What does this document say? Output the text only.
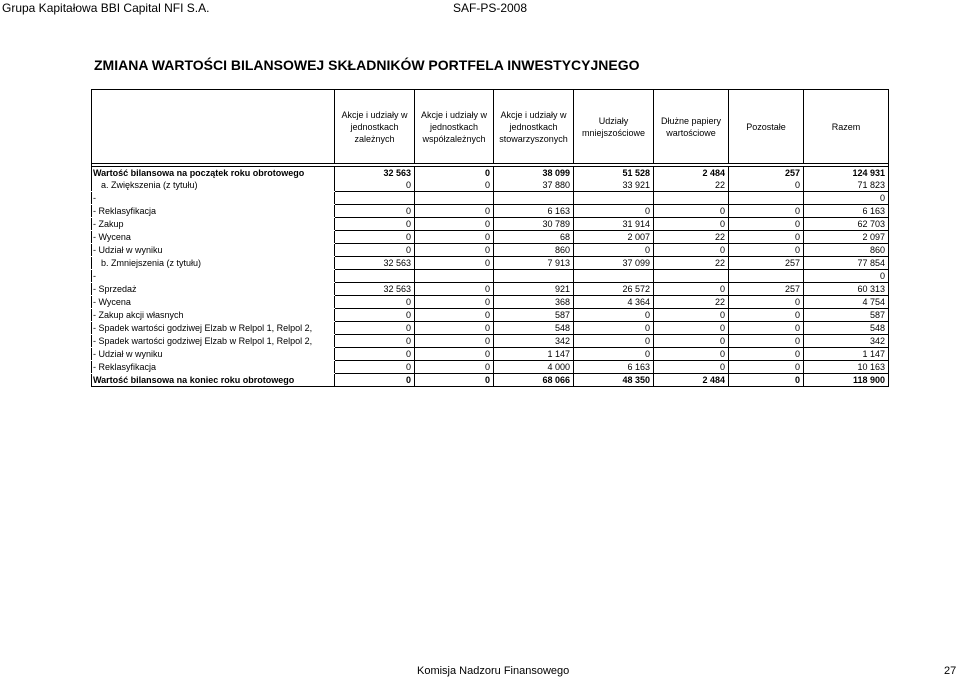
Grupa Kapitałowa BBI Capital NFI S.A.	SAF-PS-2008
ZMIANA WARTOŚCI BILANSOWEJ SKŁADNIKÓW PORTFELA INWESTYCYJNEGO
	Akcje i udziały w jednostkach zależnych	Akcje i udziały w jednostkach współzależnych	Akcje i udziały w jednostkach stowarzyszonych	Udziały mniejszościowe	Dłużne papiery wartościowe	Pozostałe	Razem

Wartość bilansowa na początek roku obrotowego	32 563	0	38 099	51 528	2 484	257	124 931
a. Zwiększenia (z tytułu)	0	0	37 880	33 921	22	0	71 823
-							0
- Reklasyfikacja	0	0	6 163	0	0	0	6 163
- Zakup	0	0	30 789	31 914	0	0	62 703
- Wycena	0	0	68	2 007	22	0	2 097
- Udział w wyniku	0	0	860	0	0	0	860
b. Zmniejszenia (z tytułu)	32 563	0	7 913	37 099	22	257	77 854
-							0
- Sprzedaż	32 563	0	921	26 572	0	257	60 313
- Wycena	0	0	368	4 364	22	0	4 754
- Zakup akcji własnych	0	0	587	0	0	0	587
- Spadek wartości godziwej Elzab w Relpol 1, Relpol 2,	0	0	548	0	0	0	548
- Spadek wartości godziwej Elzab w Relpol 1, Relpol 2,	0	0	342	0	0	0	342
- Udział w wyniku	0	0	1 147	0	0	0	1 147
- Reklasyfikacja	0	0	4 000	6 163	0	0	10 163
Wartość bilansowa na koniec roku obrotowego	0	0	68 066	48 350	2 484	0	118 900
Komisja Nadzoru Finansowego	27
